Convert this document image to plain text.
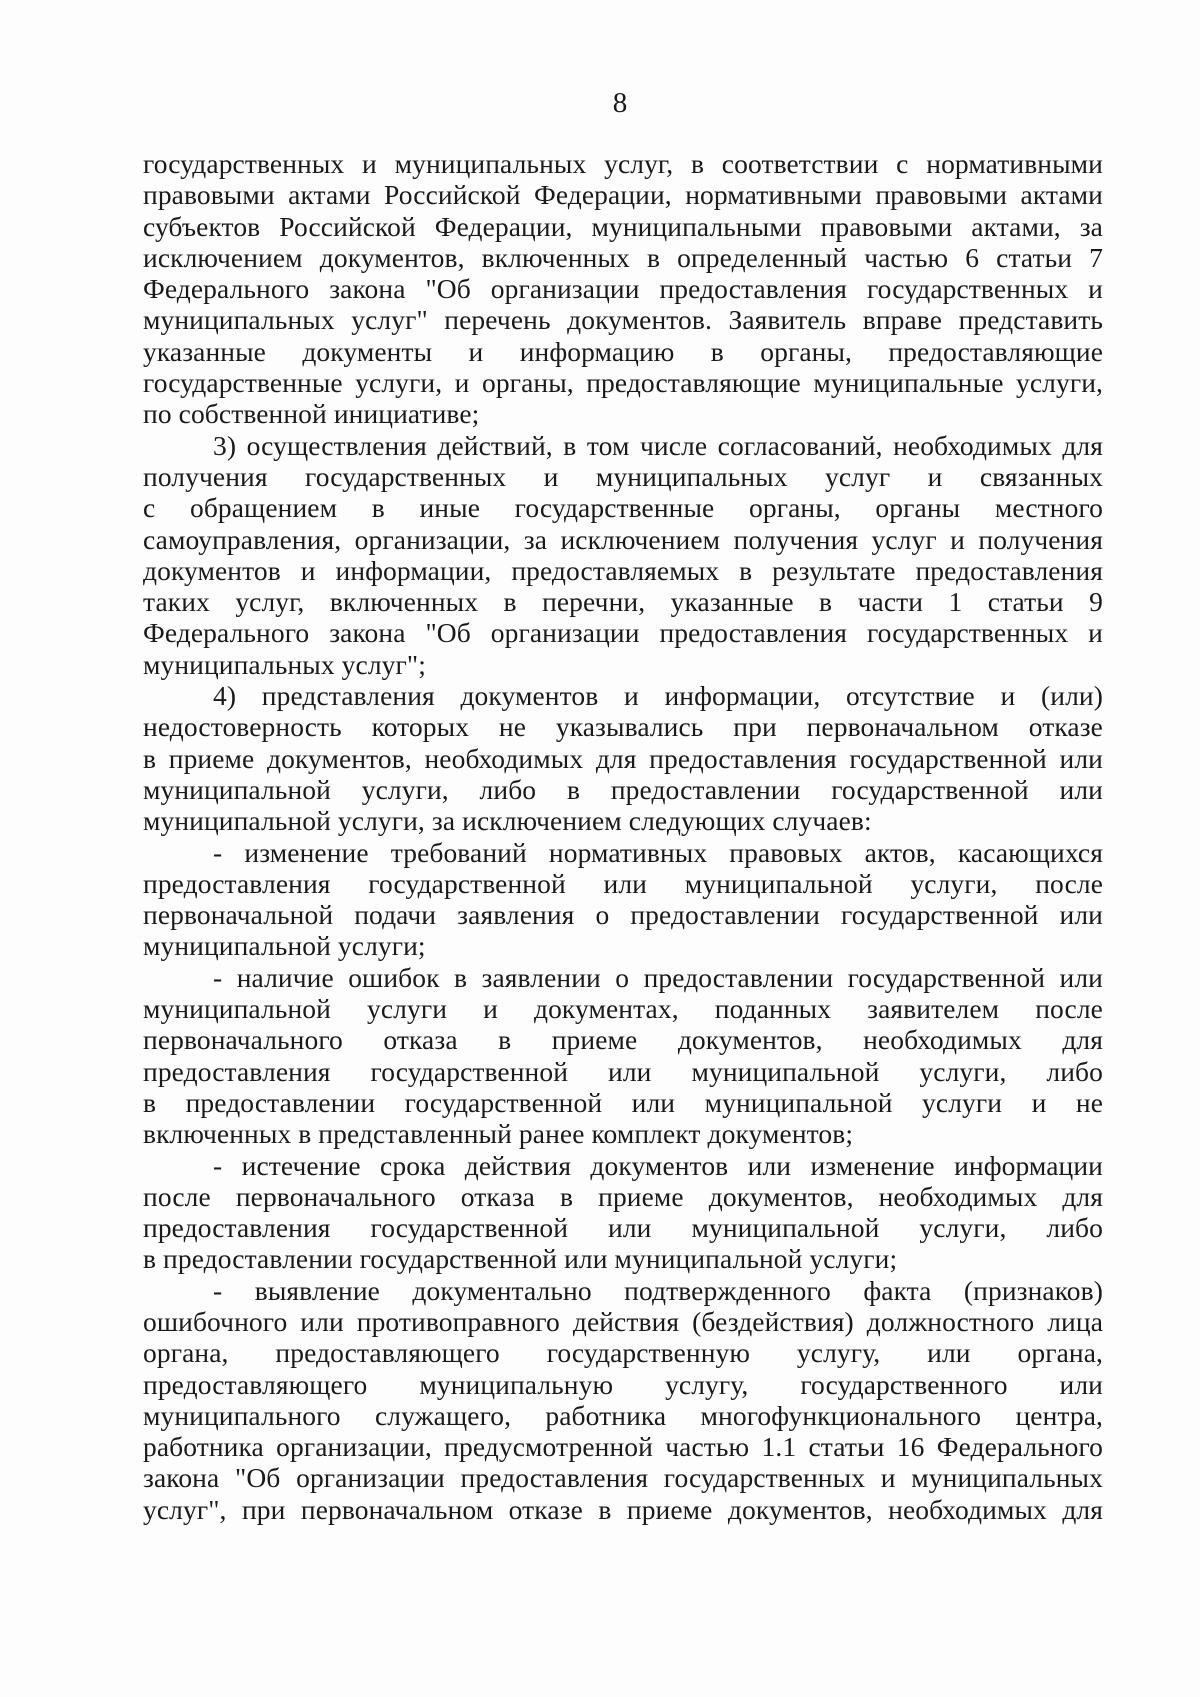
8
государственных и муниципальных услуг, в соответствии с нормативными
правовыми актами Российской Федерации, нормативными правовыми актами
субъектов Российской Федерации, муниципальными правовыми актами, за
исключением документов, включенных в определенный частью 6 статьи 7
Федерального закона "Об организации предоставления государственных и
муниципальных услуг" перечень документов. Заявитель вправе представить
указанные документы и информацию в органы, предоставляющие
государственные услуги, и органы, предоставляющие муниципальные услуги,
по собственной инициативе;
3) осуществления действий, в том числе согласований, необходимых для
получения государственных и муниципальных услуг и связанных
с обращением в иные государственные органы, органы местного
самоуправления, организации, за исключением получения услуг и получения
документов и информации, предоставляемых в результате предоставления
таких услуг, включенных в перечни, указанные в части 1 статьи 9
Федерального закона "Об организации предоставления государственных и
муниципальных услуг";
4) представления документов и информации, отсутствие и (или)
недостоверность которых не указывались при первоначальном отказе
в приеме документов, необходимых для предоставления государственной или
муниципальной услуги, либо в предоставлении государственной или
муниципальной услуги, за исключением следующих случаев:
- изменение требований нормативных правовых актов, касающихся
предоставления государственной или муниципальной услуги, после
первоначальной подачи заявления о предоставлении государственной или
муниципальной услуги;
- наличие ошибок в заявлении о предоставлении государственной или
муниципальной услуги и документах, поданных заявителем после
первоначального отказа в приеме документов, необходимых для
предоставления государственной или муниципальной услуги, либо
в предоставлении государственной или муниципальной услуги и не
включенных в представленный ранее комплект документов;
- истечение срока действия документов или изменение информации
после первоначального отказа в приеме документов, необходимых для
предоставления государственной или муниципальной услуги, либо
в предоставлении государственной или муниципальной услуги;
- выявление документально подтвержденного факта (признаков)
ошибочного или противоправного действия (бездействия) должностного лица
органа, предоставляющего государственную услугу, или органа,
предоставляющего муниципальную услугу, государственного или
муниципального служащего, работника многофункционального центра,
работника организации, предусмотренной частью 1.1 статьи 16 Федерального
закона "Об организации предоставления государственных и муниципальных
услуг", при первоначальном отказе в приеме документов, необходимых для
